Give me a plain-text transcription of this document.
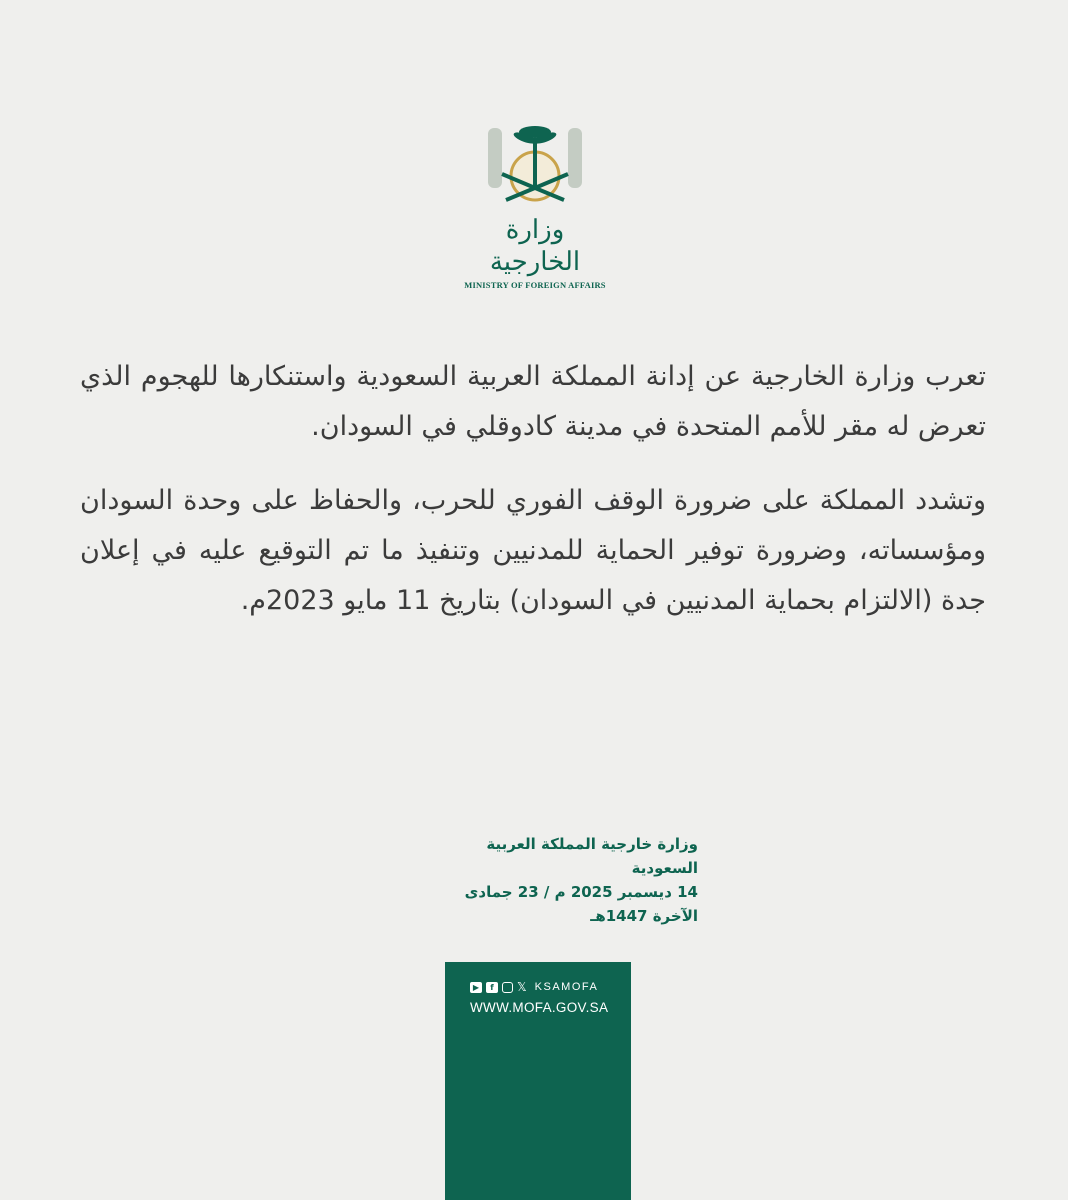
وزارة الخارجية
MINISTRY OF FOREIGN AFFAIRS

تعرب وزارة الخارجية عن إدانة المملكة العربية السعودية واستنكارها للهجوم الذي تعرض له مقر للأمم المتحدة في مدينة كادوقلي في السودان.

وتشدد المملكة على ضرورة الوقف الفوري للحرب، والحفاظ على وحدة السودان ومؤسساته، وضرورة توفير الحماية للمدنيين وتنفيذ ما تم التوقيع عليه في إعلان جدة (الالتزام بحماية المدنيين في السودان) بتاريخ 11 مايو 2023م.

وزارة خارجية المملكة العربية السعودية
14 ديسمبر 2025 م / 23 جمادى الآخرة 1447هـ
▶	f	𝕏 KSAMOFA
WWW.MOFA.GOV.SA
